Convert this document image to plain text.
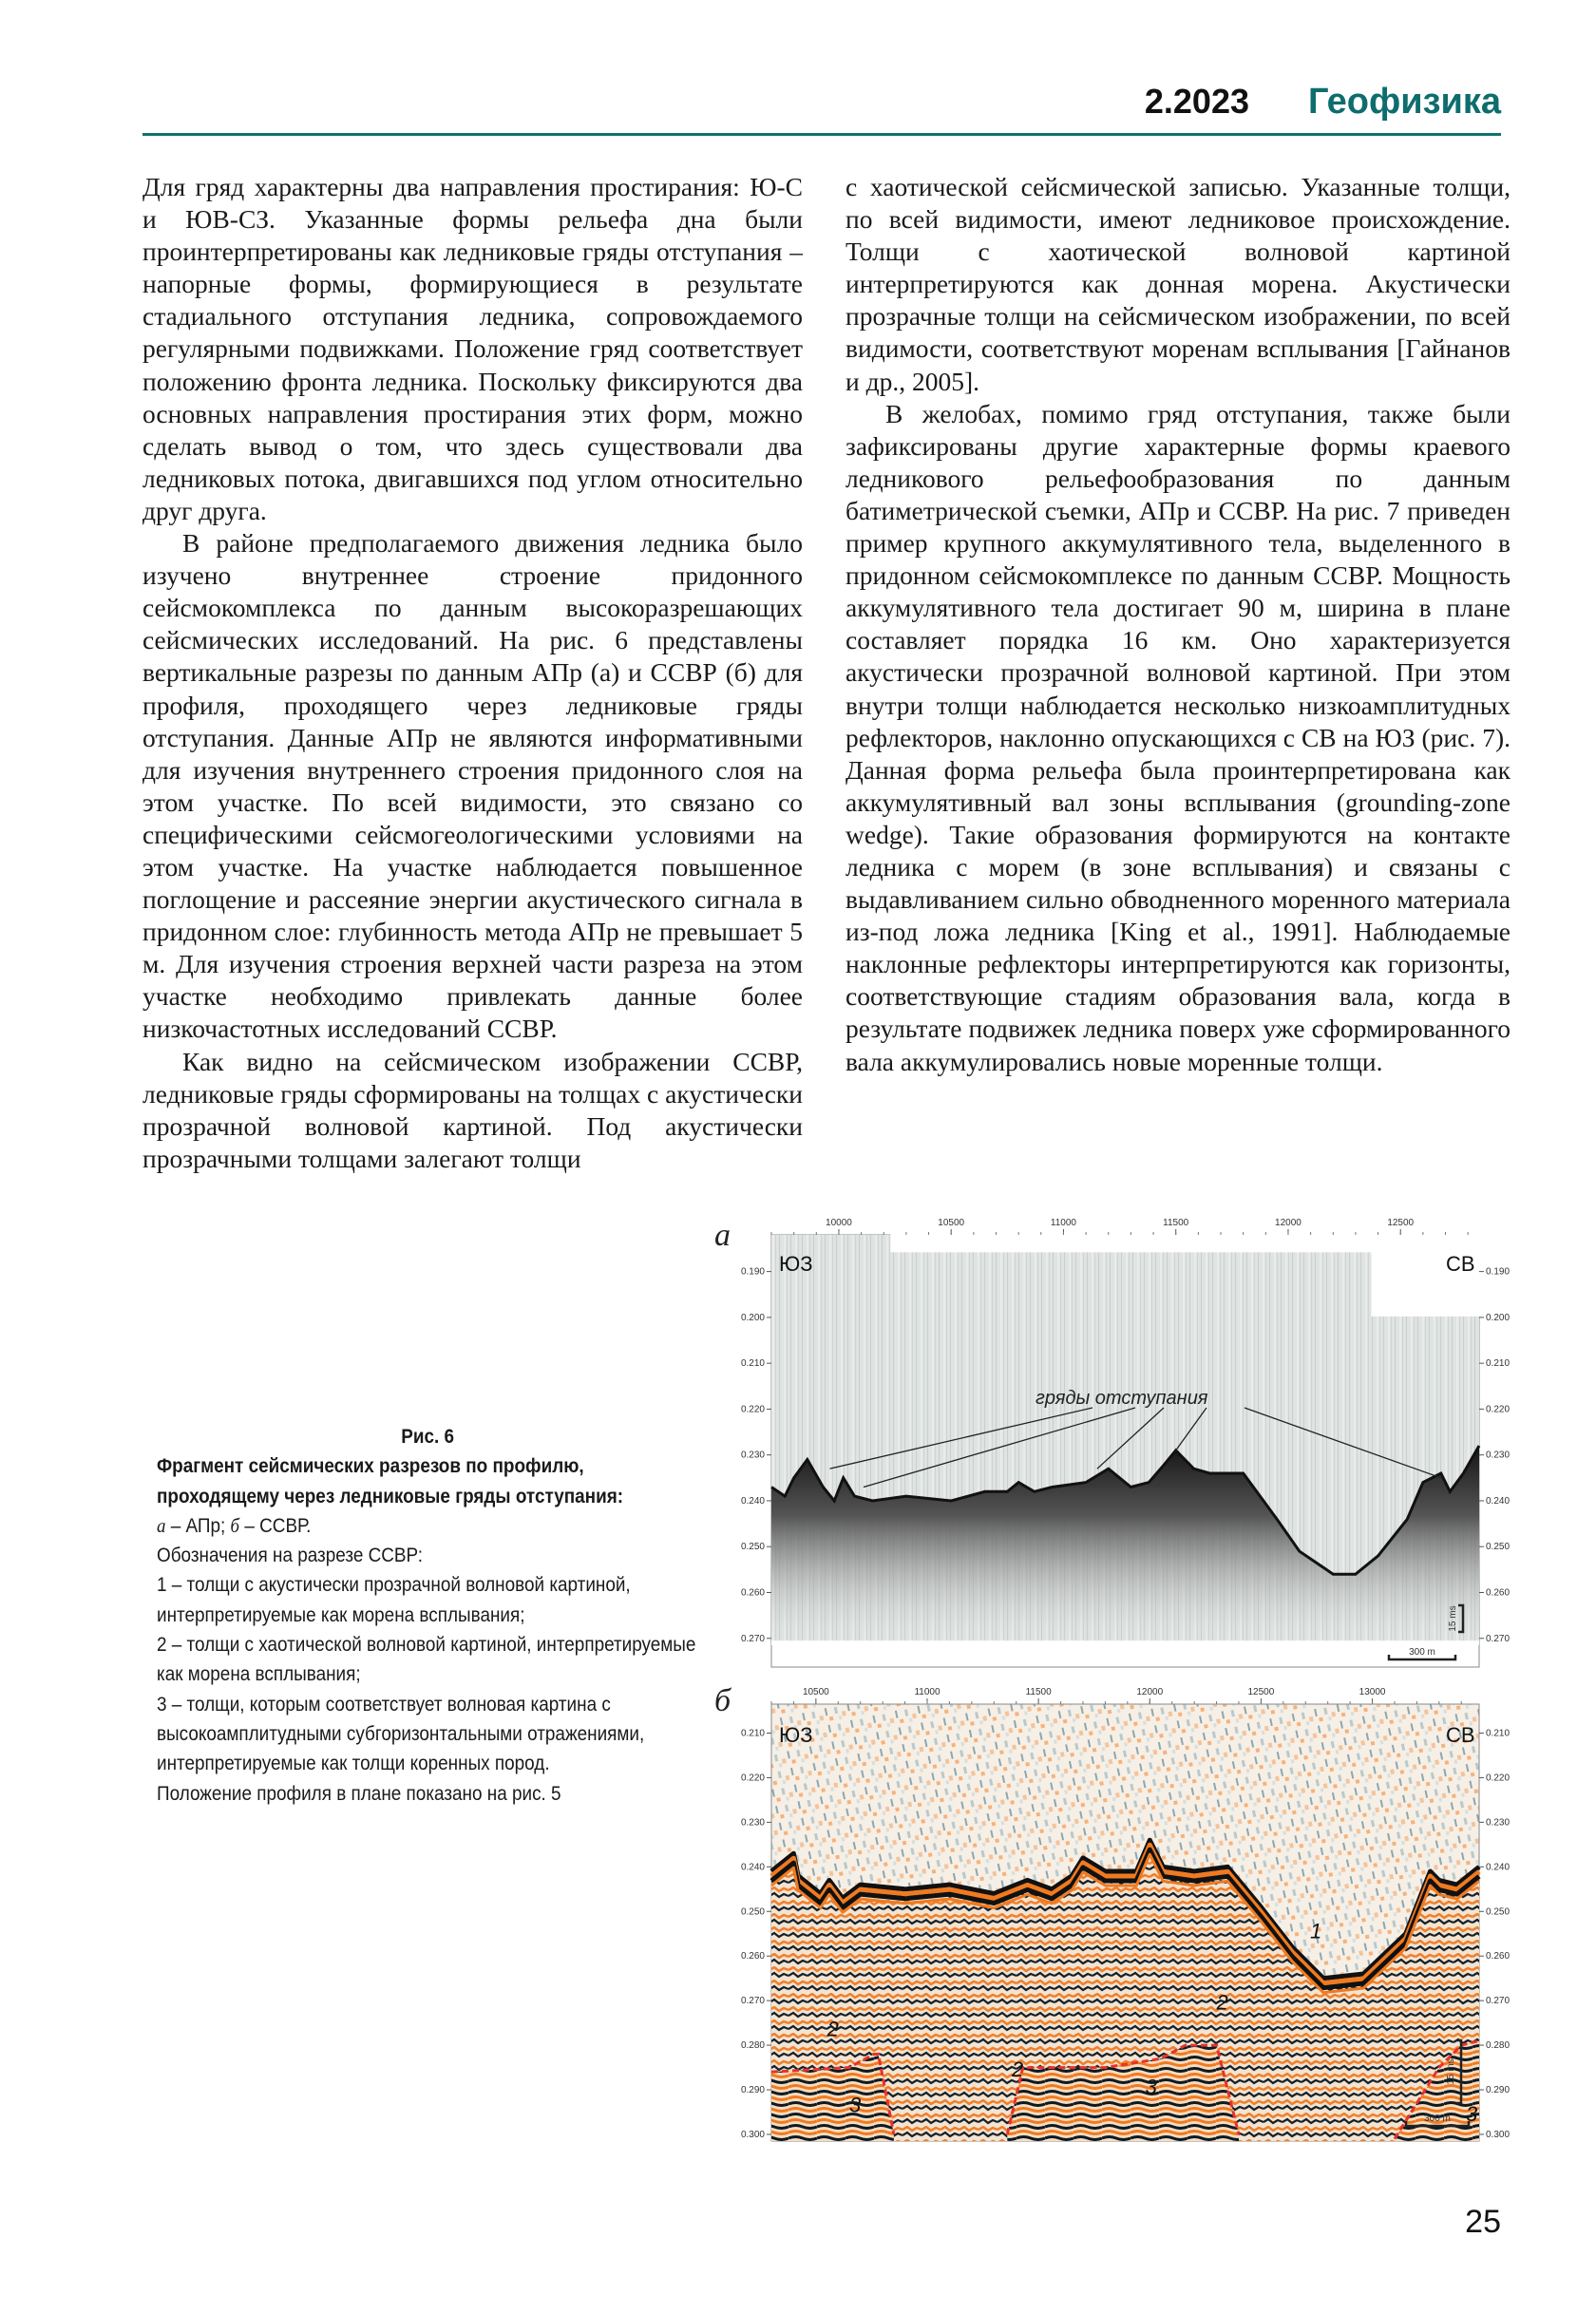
2.2023 Геофизика

Для гряд характерны два направления простирания: Ю-С и ЮВ-СЗ. Указанные формы рельефа дна были проинтерпретированы как ледниковые гряды отступания – напорные формы, формирующиеся в результате стадиального отступания ледника, сопровождаемого регулярными подвижками. Положение гряд соответствует положению фронта ледника. Поскольку фиксируются два основных направления простирания этих форм, можно сделать вывод о том, что здесь существовали два ледниковых потока, двигавшихся под углом относительно друг друга.

В районе предполагаемого движения ледника было изучено внутреннее строение придонного сейсмокомплекса по данным высокоразрешающих сейсмических исследований. На рис. 6 представлены вертикальные разрезы по данным АПр (а) и ССВР (б) для профиля, проходящего через ледниковые гряды отступания. Данные АПр не являются информативными для изучения внутреннего строения придонного слоя на этом участке. По всей видимости, это связано со специфическими сейсмогеологическими условиями на этом участке. На участке наблюдается повышенное поглощение и рассеяние энергии акустического сигнала в придонном слое: глубинность метода АПр не превышает 5 м. Для изучения строения верхней части разреза на этом участке необходимо привлекать данные более низкочастотных исследований ССВР.

Как видно на сейсмическом изображении ССВР, ледниковые гряды сформированы на толщах с акустически прозрачной волновой картиной. Под акустически прозрачными толщами залегают толщи

с хаотической сейсмической записью. Указанные толщи, по всей видимости, имеют ледниковое происхождение. Толщи с хаотической волновой картиной интерпретируются как донная морена. Акустически прозрачные толщи на сейсмическом изображении, по всей видимости, соответствуют моренам всплывания [Гайнанов и др., 2005].

В желобах, помимо гряд отступания, также были зафиксированы другие характерные формы краевого ледникового рельефообразования по данным батиметрической съемки, АПр и ССВР. На рис. 7 приведен пример крупного аккумулятивного тела, выделенного в придонном сейсмокомплексе по данным ССВР. Мощность аккумулятивного тела достигает 90 м, ширина в плане составляет порядка 16 км. Оно характеризуется акустически прозрачной волновой картиной. При этом внутри толщи наблюдается несколько низкоамплитудных рефлекторов, наклонно опускающихся с СВ на ЮЗ (рис. 7). Данная форма рельефа была проинтерпретирована как аккумулятивный вал зоны всплывания (grounding-zone wedge). Такие образования формируются на контакте ледника с морем (в зоне всплывания) и связаны с выдавливанием сильно обводненного моренного материала из-под ложа ледника [King et al., 1991]. Наблюдаемые наклонные рефлекторы интерпретируются как горизонты, соответствующие стадиям образования вала, когда в результате подвижек ледника поверх уже сформированного вала аккумулировались новые моренные толщи.

Рис. 6
Фрагмент сейсмических разрезов по профилю, проходящему через ледниковые гряды отступания:
а – АПр; б – ССВР.
Обозначения на разрезе ССВР:
1 – толщи с акустически прозрачной волновой картиной, интерпретируемые как морена всплывания;
2 – толщи с хаотической волновой картиной, интерпретируемые как морена всплывания;
3 – толщи, которым соответствует волновая картина с высокоамплитудными субгоризонтальными отражениями, интерпретируемые как толщи коренных пород.
Положение профиля в плане показано на рис. 5
а
б
10000	10500	11000	11500	12000	12500
0.190	0.190
0.200	0.200
0.210	0.210
0.220	0.220
0.230	0.230
0.240	0.240
0.250	0.250
0.260	0.260
0.270	0.270
ЮЗ	СВ
гряды отступания
15 ms
300 m
10500	11000	11500	12000	12500	13000
0.210	0.210
0.220	0.220
0.230	0.230
0.240	0.240
0.250	0.250
0.260	0.260
0.270	0.270
0.280	0.280
0.290	0.290
0.300	0.300
ЮЗ	СВ
1
2
2
2
3
3
3
15 ms
300 m
25
